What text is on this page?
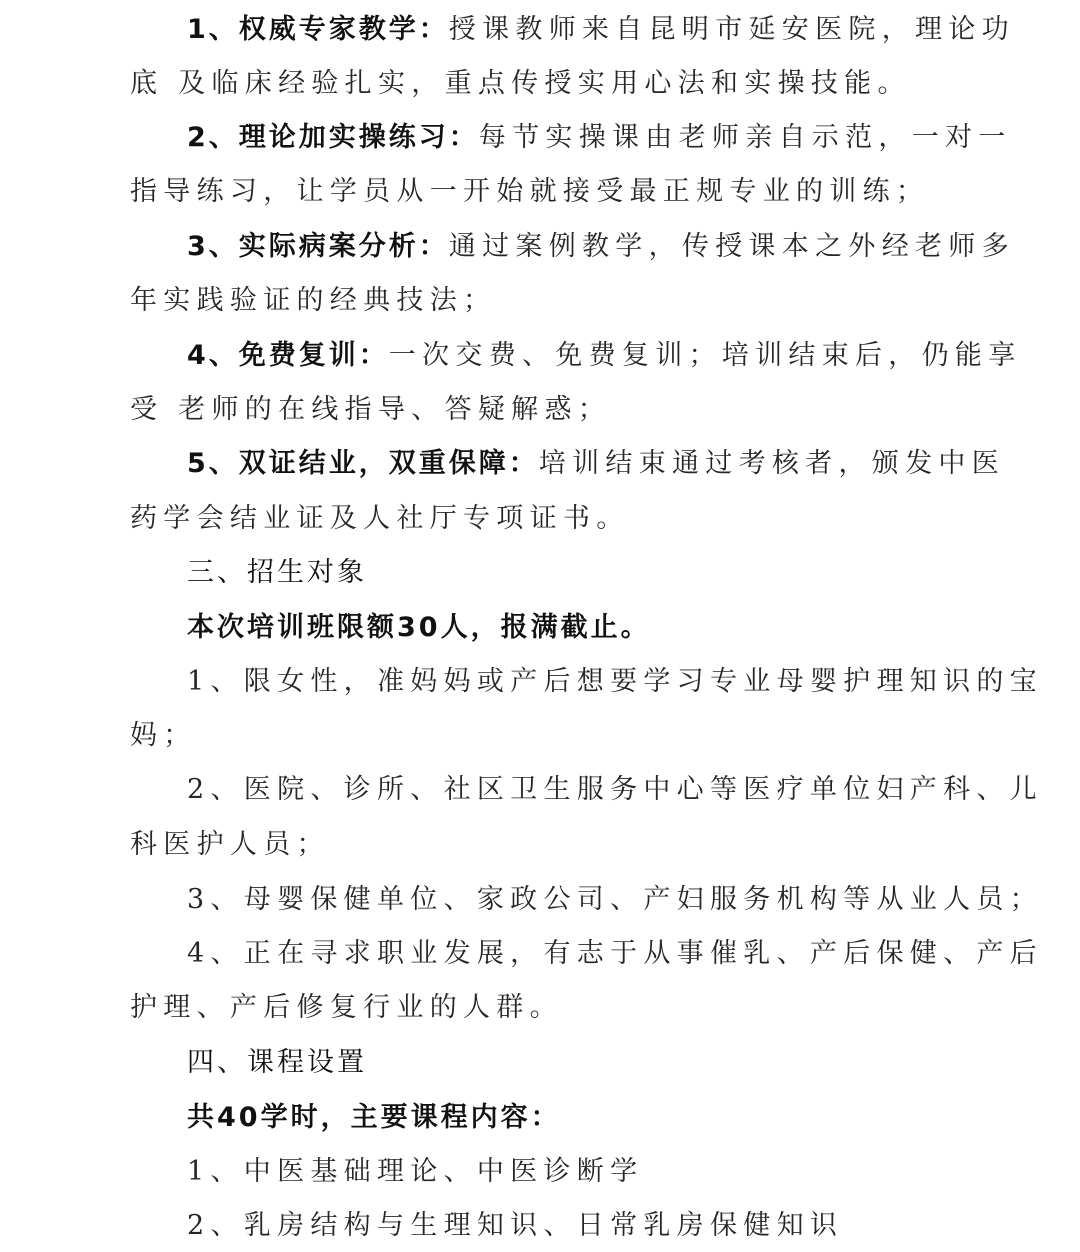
1、权威专家教学：授课教师来自昆明市延安医院，理论功
底 及临床经验扎实，重点传授实用心法和实操技能。
2、理论加实操练习：每节实操课由老师亲自示范，一对一
指导练习，让学员从一开始就接受最正规专业的训练；
3、实际病案分析：通过案例教学，传授课本之外经老师多
年实践验证的经典技法；
4、免费复训：一次交费、免费复训；培训结束后，仍能享
受 老师的在线指导、答疑解惑；
5、双证结业，双重保障：培训结束通过考核者，颁发中医
药学会结业证及人社厅专项证书。
三、招生对象
本次培训班限额30人，报满截止。
1、限女性，准妈妈或产后想要学习专业母婴护理知识的宝
妈；
2、医院、诊所、社区卫生服务中心等医疗单位妇产科、儿
科医护人员；
3、母婴保健单位、家政公司、产妇服务机构等从业人员；
4、正在寻求职业发展，有志于从事催乳、产后保健、产后
护理、产后修复行业的人群。
四、课程设置
共40学时，主要课程内容：
1、中医基础理论、中医诊断学
2、乳房结构与生理知识、日常乳房保健知识
